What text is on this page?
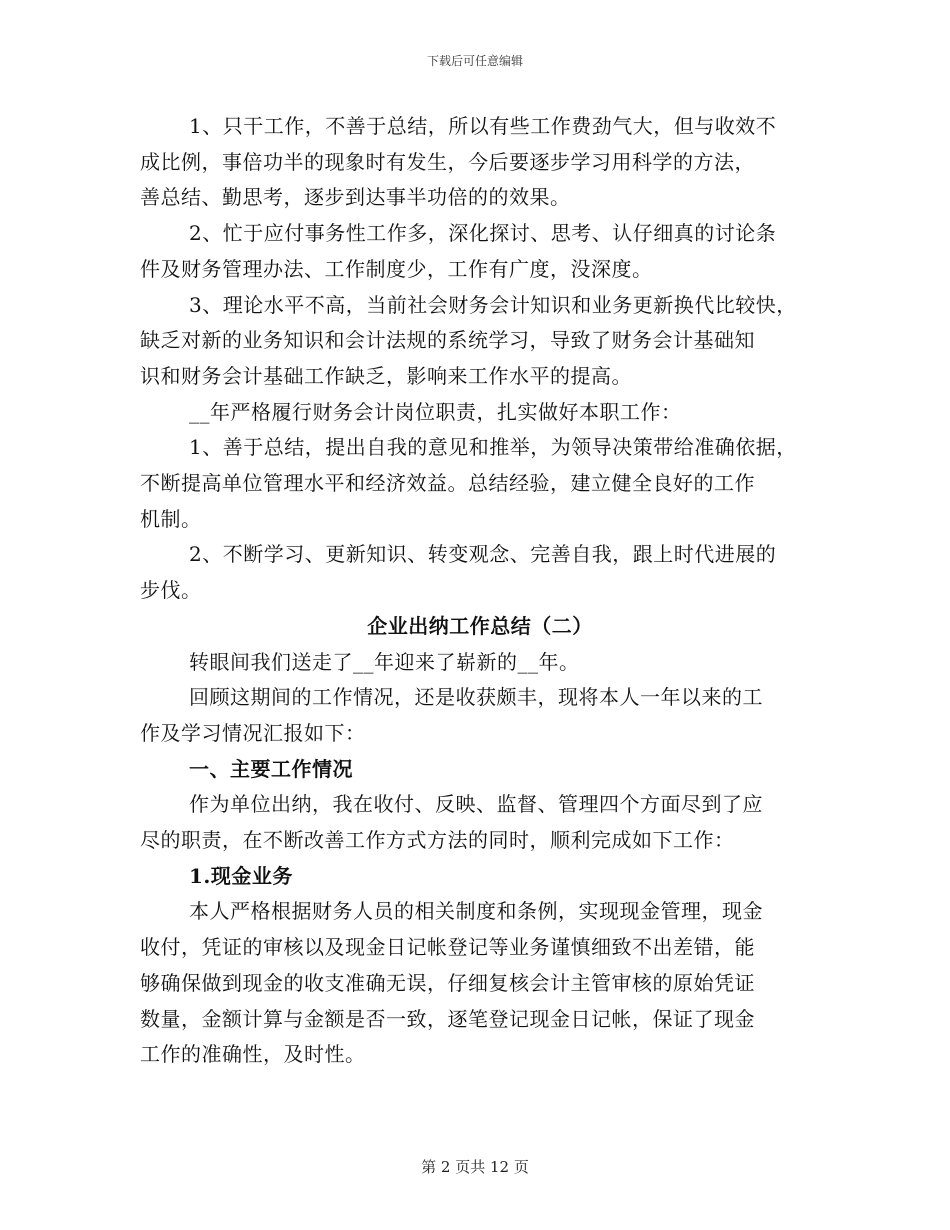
下载后可任意编辑
1、只干工作，不善于总结，所以有些工作费劲气大，但与收效不
成比例，事倍功半的现象时有发生，今后要逐步学习用科学的方法，
善总结、勤思考，逐步到达事半功倍的的效果。
2、忙于应付事务性工作多，深化探讨、思考、认仔细真的讨论条
件及财务管理办法、工作制度少，工作有广度，没深度。
3、理论水平不高，当前社会财务会计知识和业务更新换代比较快，
缺乏对新的业务知识和会计法规的系统学习，导致了财务会计基础知
识和财务会计基础工作缺乏，影响来工作水平的提高。
__年严格履行财务会计岗位职责，扎实做好本职工作：
1、善于总结，提出自我的意见和推举，为领导决策带给准确依据，
不断提高单位管理水平和经济效益。总结经验，建立健全良好的工作
机制。
2、不断学习、更新知识、转变观念、完善自我，跟上时代进展的
步伐。
企业出纳工作总结（二）
转眼间我们送走了__年迎来了崭新的__年。
回顾这期间的工作情况，还是收获颇丰，现将本人一年以来的工
作及学习情况汇报如下：
一、主要工作情况
作为单位出纳，我在收付、反映、监督、管理四个方面尽到了应
尽的职责，在不断改善工作方式方法的同时，顺利完成如下工作：
1.现金业务
本人严格根据财务人员的相关制度和条例，实现现金管理，现金
收付，凭证的审核以及现金日记帐登记等业务谨慎细致不出差错，能
够确保做到现金的收支准确无误，仔细复核会计主管审核的原始凭证
数量，金额计算与金额是否一致，逐笔登记现金日记帐，保证了现金
工作的准确性，及时性。
第 2 页共 12 页
